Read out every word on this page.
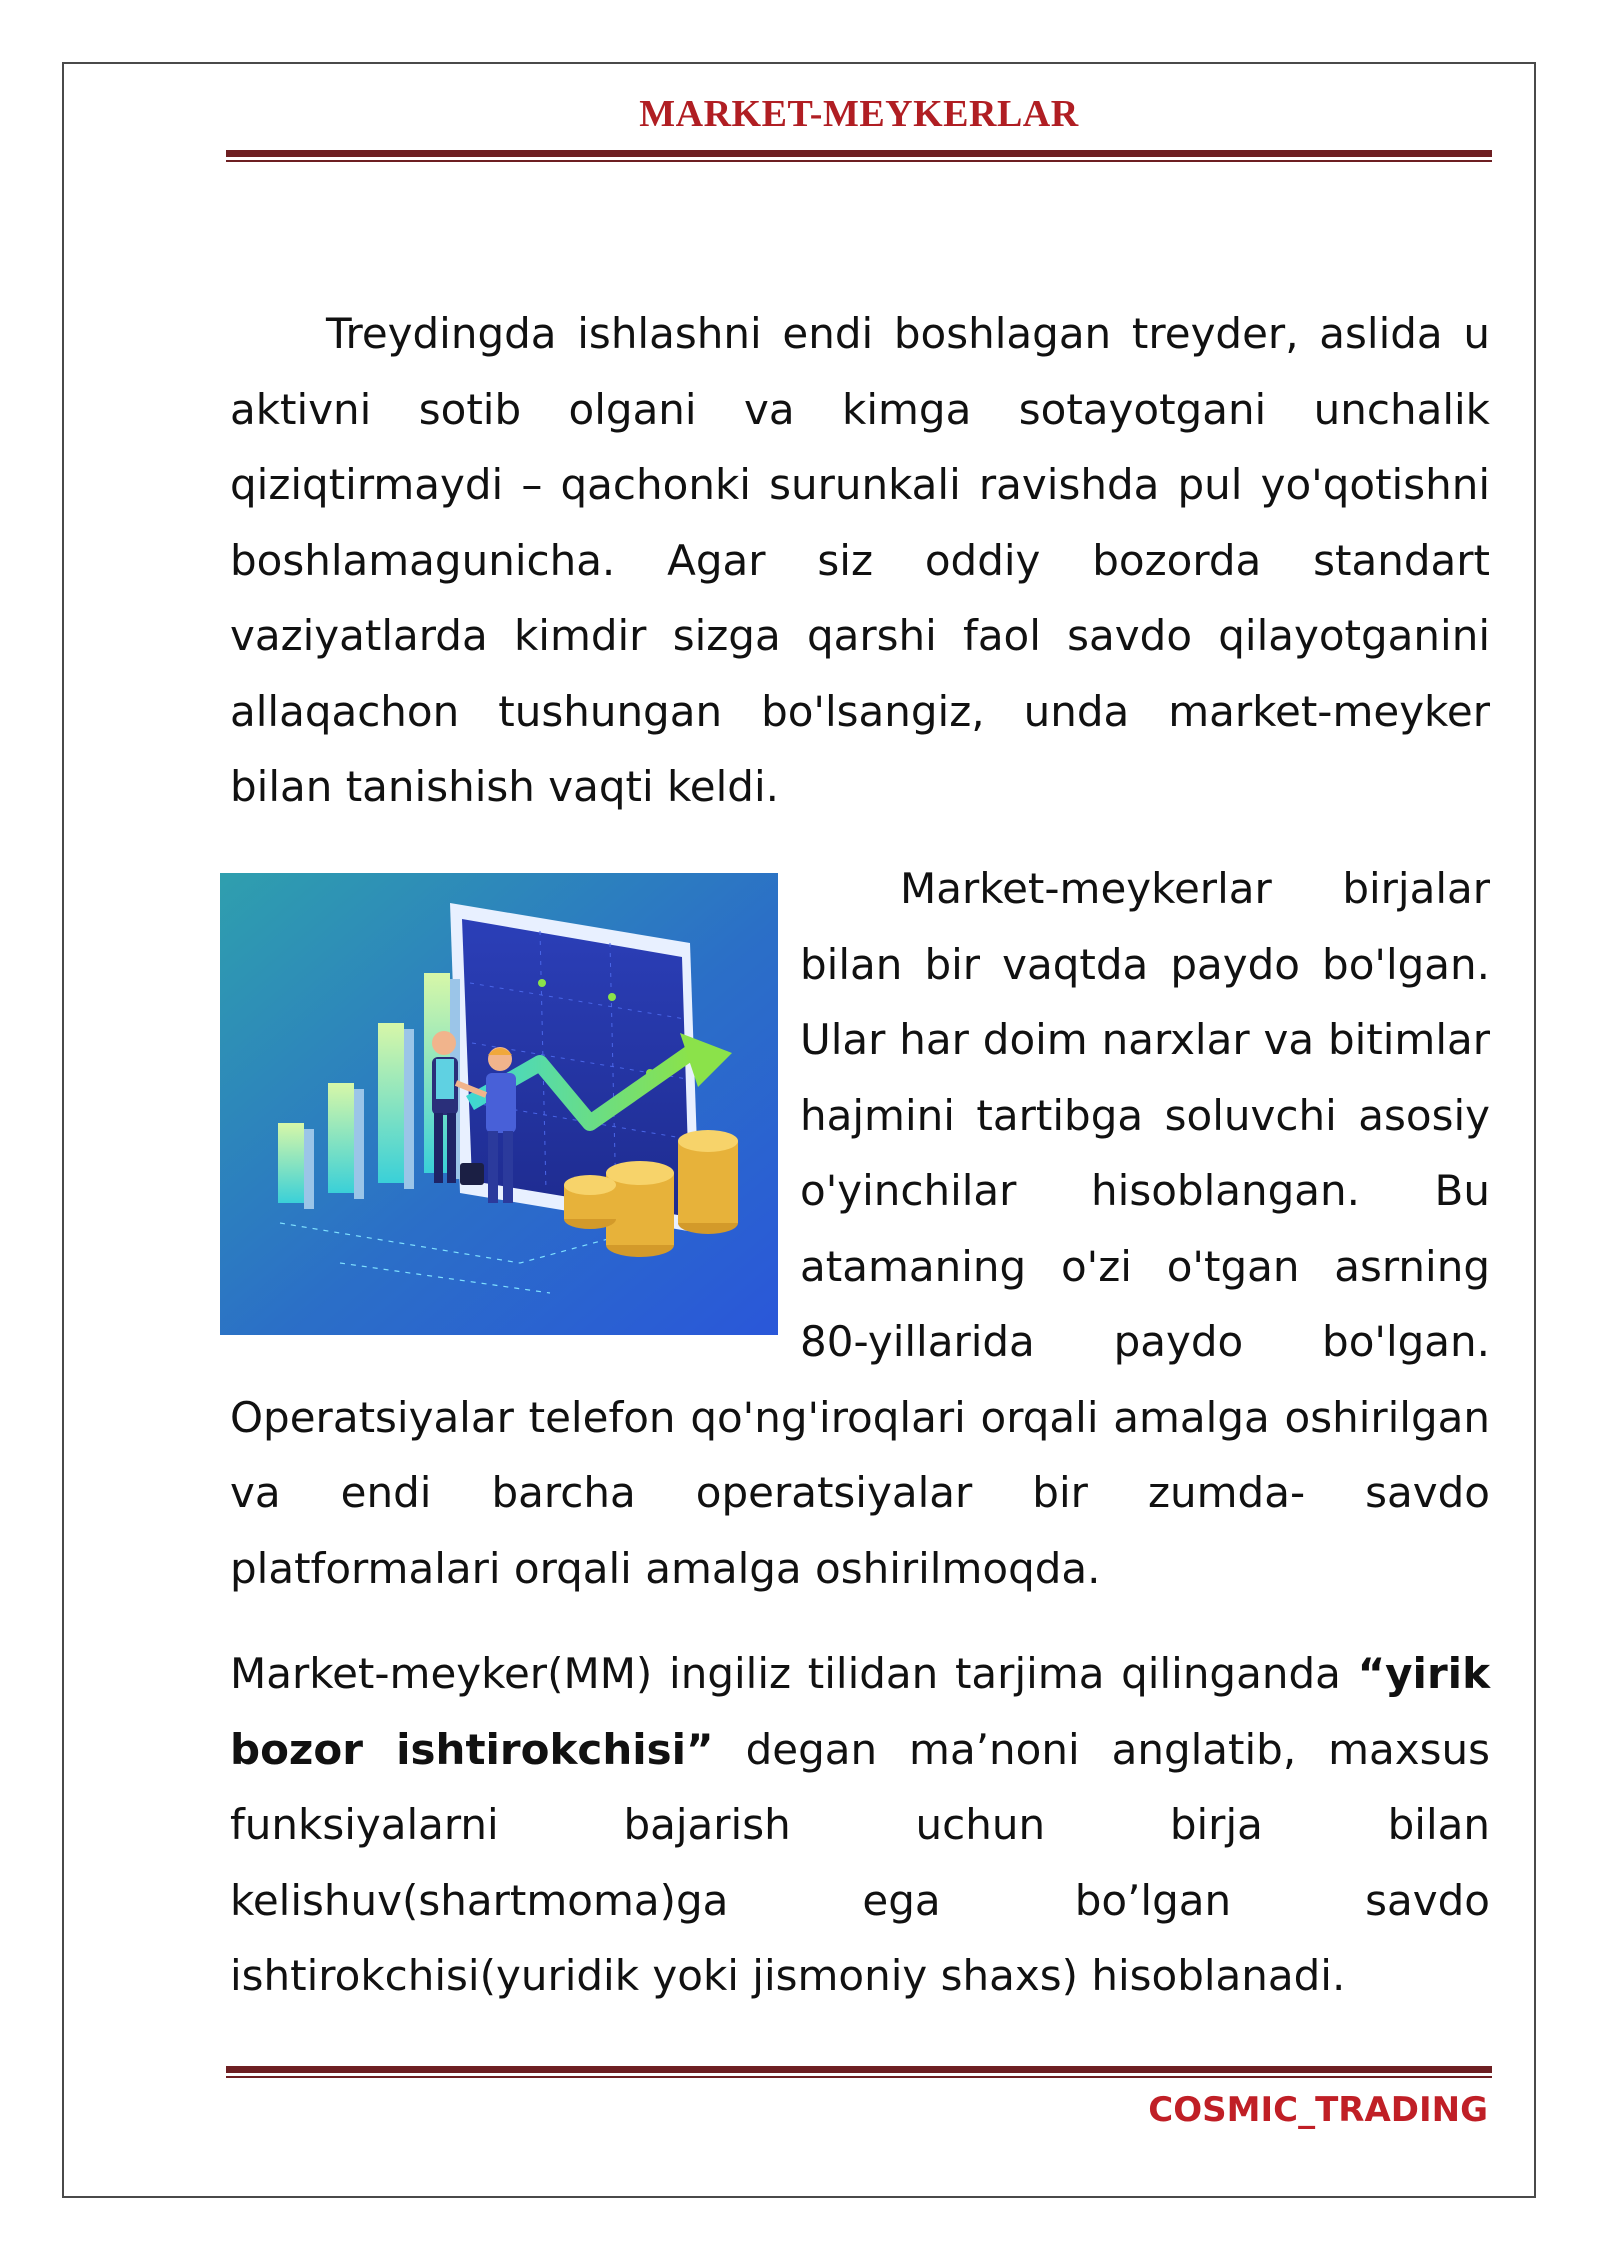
MARKET-MEYKERLAR
Treydingda ishlashni endi boshlagan treyder, aslida u aktivni sotib olgani va kimga sotayotgani unchalik qiziqtirmaydi – qachonki surunkali ravishda pul yo'qotishni boshlamagunicha. Agar siz oddiy bozorda standart vaziyatlarda kimdir sizga qarshi faol savdo qilayotganini allaqachon tushungan bo'lsangiz, unda market-meyker bilan tanishish vaqti keldi.
Market-meykerlar birjalar bilan bir vaqtda paydo bo'lgan. Ular har doim narxlar va bitimlar hajmini tartibga soluvchi asosiy o'yinchilar hisoblangan. Bu atamaning o'zi o'tgan asrning 80-yillarida paydo bo'lgan. Operatsiyalar telefon qo'ng'iroqlari orqali amalga oshirilgan va endi barcha operatsiyalar bir zumda- savdo platformalari orqali amalga oshirilmoqda.
Market-meyker(MM) ingiliz tilidan tarjima qilinganda “yirik bozor ishtirokchisi” degan ma’noni anglatib, maxsus funksiyalarni bajarish uchun birja bilan kelishuv(shartmoma)ga ega bo’lgan savdo ishtirokchisi(yuridik yoki jismoniy shaxs) hisoblanadi.
COSMIC_TRADING
